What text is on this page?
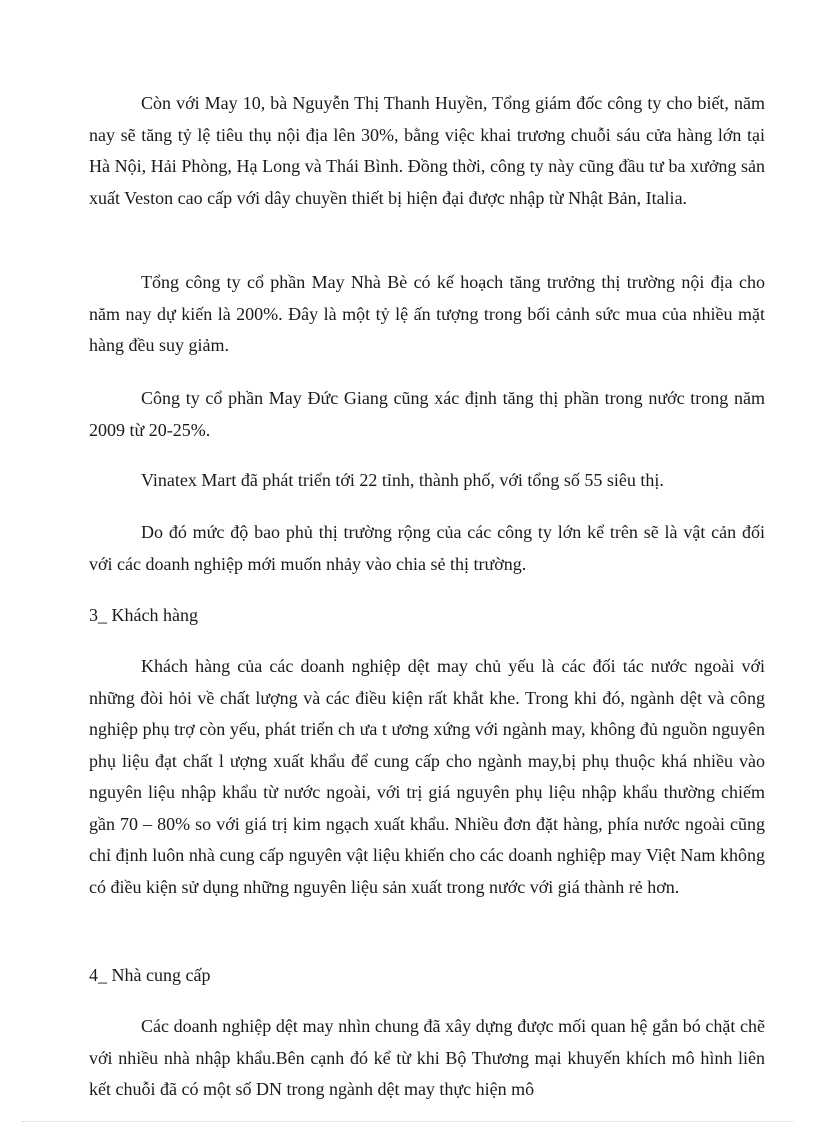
Còn với May 10, bà Nguyễn Thị Thanh Huyền, Tổng giám đốc công ty cho biết, năm nay sẽ tăng tỷ lệ tiêu thụ nội địa lên 30%, bằng việc khai trương chuỗi sáu cửa hàng lớn tại Hà Nội, Hải Phòng, Hạ Long và Thái Bình. Đồng thời, công ty này cũng đầu tư ba xưởng sản xuất Veston cao cấp với dây chuyền thiết bị hiện đại được nhập từ Nhật Bản, Italia.

Tổng công ty cổ phần May Nhà Bè có kế hoạch tăng trưởng thị trường nội địa cho năm nay dự kiến là 200%. Đây là một tỷ lệ ấn tượng trong bối cảnh sức mua của nhiều mặt hàng đều suy giảm.

Công ty cổ phần May Đức Giang cũng xác định tăng thị phần trong nước trong năm 2009 từ 20-25%.

Vinatex Mart đã phát triển tới 22 tỉnh, thành phố, với tổng số 55 siêu thị.

Do đó mức độ bao phủ thị trường rộng của các công ty lớn kể trên sẽ là vật cản đối với các doanh nghiệp mới muốn nhảy vào chia sẻ thị trường.

3_ Khách hàng

Khách hàng của các doanh nghiệp dệt may chủ yếu là các đối tác nước ngoài với những đòi hỏi về chất lượng và các điều kiện rất khắt khe. Trong khi đó, ngành dệt và công nghiệp phụ trợ còn yếu, phát triển ch ưa t ương xứng với ngành may, không đủ nguồn nguyên phụ liệu đạt chất l ượng xuất khẩu để cung cấp cho ngành may,bị phụ thuộc khá nhiều vào nguyên liệu nhập khẩu từ nước ngoài, với trị giá nguyên phụ liệu nhập khẩu thường chiếm gần 70 – 80% so với giá trị kim ngạch xuất khẩu. Nhiều đơn đặt hàng, phía nước ngoài cũng chỉ định luôn nhà cung cấp nguyên vật liệu khiến cho các doanh nghiệp may Việt Nam không có điều kiện sử dụng những nguyên liệu sản xuất trong nước với giá thành rẻ hơn.

4_ Nhà cung cấp

Các doanh nghiệp dệt may nhìn chung đã xây dựng được mối quan hệ gắn bó chặt chẽ với nhiều nhà nhập khẩu.Bên cạnh đó kể từ khi Bộ Thương mại khuyến khích mô hình liên kết chuỗi đã có một số DN trong ngành dệt may thực hiện mô
